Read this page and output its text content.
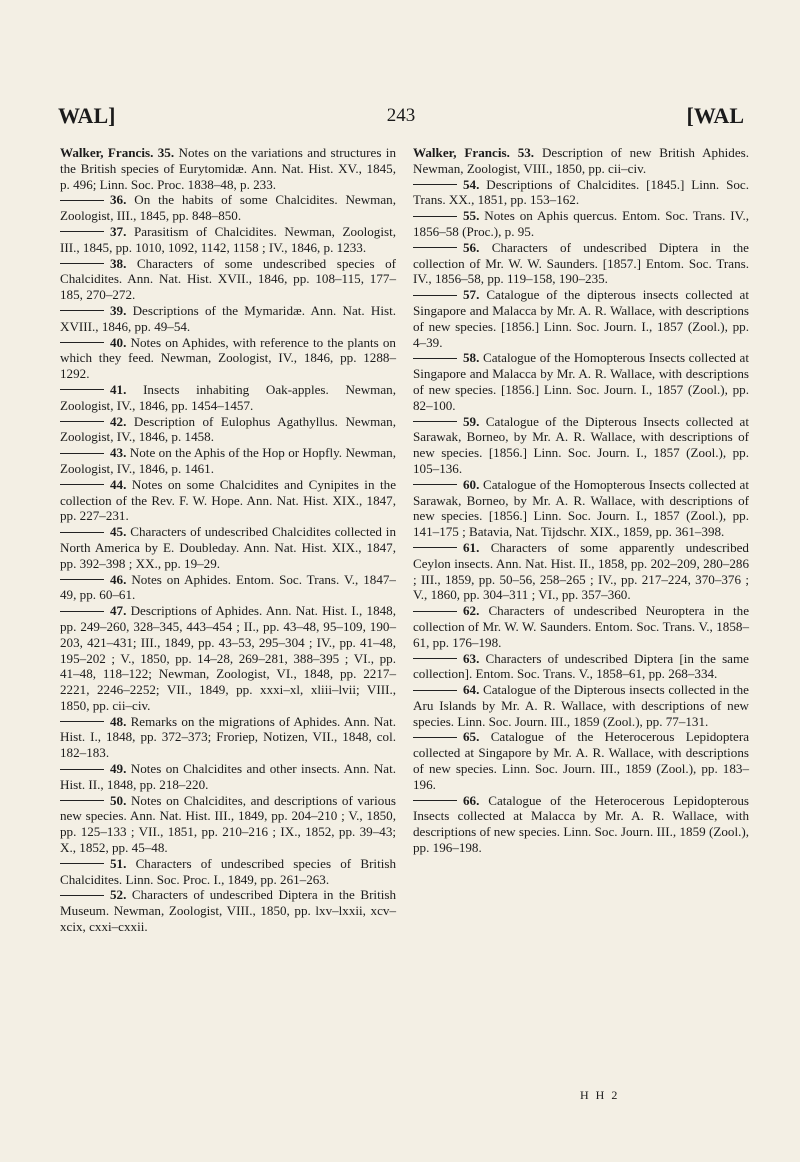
WAL]	243	[WAL

Walker, Francis. 35. Notes on the variations and structures in the British species of Eurytomidæ. Ann. Nat. Hist. XV., 1845, p. 496; Linn. Soc. Proc. 1838–48, p. 233.

36. On the habits of some Chalcidites. Newman, Zoologist, III., 1845, pp. 848–850.

37. Parasitism of Chalcidites. Newman, Zoologist, III., 1845, pp. 1010, 1092, 1142, 1158 ; IV., 1846, p. 1233.

38. Characters of some undescribed species of Chalcidites. Ann. Nat. Hist. XVII., 1846, pp. 108–115, 177–185, 270–272.

39. Descriptions of the Mymaridæ. Ann. Nat. Hist. XVIII., 1846, pp. 49–54.

40. Notes on Aphides, with reference to the plants on which they feed. Newman, Zoologist, IV., 1846, pp. 1288–1292.

41. Insects inhabiting Oak-apples. Newman, Zoologist, IV., 1846, pp. 1454–1457.

42. Description of Eulophus Agathyllus. Newman, Zoologist, IV., 1846, p. 1458.

43. Note on the Aphis of the Hop or Hopfly. Newman, Zoologist, IV., 1846, p. 1461.

44. Notes on some Chalcidites and Cynipites in the collection of the Rev. F. W. Hope. Ann. Nat. Hist. XIX., 1847, pp. 227–231.

45. Characters of undescribed Chalcidites collected in North America by E. Doubleday. Ann. Nat. Hist. XIX., 1847, pp. 392–398 ; XX., pp. 19–29.

46. Notes on Aphides. Entom. Soc. Trans. V., 1847–49, pp. 60–61.

47. Descriptions of Aphides. Ann. Nat. Hist. I., 1848, pp. 249–260, 328–345, 443–454 ; II., pp. 43–48, 95–109, 190–203, 421–431; III., 1849, pp. 43–53, 295–304 ; IV., pp. 41–48, 195–202 ; V., 1850, pp. 14–28, 269–281, 388–395 ; VI., pp. 41–48, 118–122; Newman, Zoologist, VI., 1848, pp. 2217–2221, 2246–2252; VII., 1849, pp. xxxi–xl, xliii–lvii; VIII., 1850, pp. cii–civ.

48. Remarks on the migrations of Aphides. Ann. Nat. Hist. I., 1848, pp. 372–373; Froriep, Notizen, VII., 1848, col. 182–183.

49. Notes on Chalcidites and other insects. Ann. Nat. Hist. II., 1848, pp. 218–220.

50. Notes on Chalcidites, and descriptions of various new species. Ann. Nat. Hist. III., 1849, pp. 204–210 ; V., 1850, pp. 125–133 ; VII., 1851, pp. 210–216 ; IX., 1852, pp. 39–43; X., 1852, pp. 45–48.

51. Characters of undescribed species of British Chalcidites. Linn. Soc. Proc. I., 1849, pp. 261–263.

52. Characters of undescribed Diptera in the British Museum. Newman, Zoologist, VIII., 1850, pp. lxv–lxxii, xcv–xcix, cxxi–cxxii.

Walker, Francis. 53. Description of new British Aphides. Newman, Zoologist, VIII., 1850, pp. cii–civ.

54. Descriptions of Chalcidites. [1845.] Linn. Soc. Trans. XX., 1851, pp. 153–162.

55. Notes on Aphis quercus. Entom. Soc. Trans. IV., 1856–58 (Proc.), p. 95.

56. Characters of undescribed Diptera in the collection of Mr. W. W. Saunders. [1857.] Entom. Soc. Trans. IV., 1856–58, pp. 119–158, 190–235.

57. Catalogue of the dipterous insects collected at Singapore and Malacca by Mr. A. R. Wallace, with descriptions of new species. [1856.] Linn. Soc. Journ. I., 1857 (Zool.), pp. 4–39.

58. Catalogue of the Homopterous Insects collected at Singapore and Malacca by Mr. A. R. Wallace, with descriptions of new species. [1856.] Linn. Soc. Journ. I., 1857 (Zool.), pp. 82–100.

59. Catalogue of the Dipterous Insects collected at Sarawak, Borneo, by Mr. A. R. Wallace, with descriptions of new species. [1856.] Linn. Soc. Journ. I., 1857 (Zool.), pp. 105–136.

60. Catalogue of the Homopterous Insects collected at Sarawak, Borneo, by Mr. A. R. Wallace, with descriptions of new species. [1856.] Linn. Soc. Journ. I., 1857 (Zool.), pp. 141–175 ; Batavia, Nat. Tijdschr. XIX., 1859, pp. 361–398.

61. Characters of some apparently undescribed Ceylon insects. Ann. Nat. Hist. II., 1858, pp. 202–209, 280–286 ; III., 1859, pp. 50–56, 258–265 ; IV., pp. 217–224, 370–376 ; V., 1860, pp. 304–311 ; VI., pp. 357–360.

62. Characters of undescribed Neuroptera in the collection of Mr. W. W. Saunders. Entom. Soc. Trans. V., 1858–61, pp. 176–198.

63. Characters of undescribed Diptera [in the same collection]. Entom. Soc. Trans. V., 1858–61, pp. 268–334.

64. Catalogue of the Dipterous insects collected in the Aru Islands by Mr. A. R. Wallace, with descriptions of new species. Linn. Soc. Journ. III., 1859 (Zool.), pp. 77–131.

65. Catalogue of the Heterocerous Lepidoptera collected at Singapore by Mr. A. R. Wallace, with descriptions of new species. Linn. Soc. Journ. III., 1859 (Zool.), pp. 183–196.

66. Catalogue of the Heterocerous Lepidopterous Insects collected at Malacca by Mr. A. R. Wallace, with descriptions of new species. Linn. Soc. Journ. III., 1859 (Zool.), pp. 196–198.

H H 2
